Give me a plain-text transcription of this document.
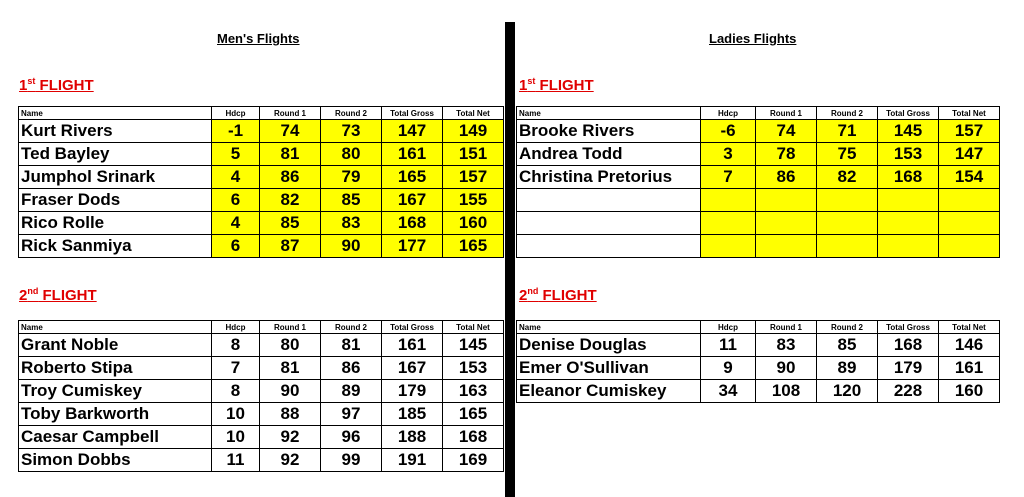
Men's Flights	Ladies Flights
1st FLIGHT
Name	Hdcp	Round 1	Round 2	Total Gross	Total Net
Kurt Rivers	-1	74	73	147	149
Ted Bayley	5	81	80	161	151
Jumphol Srinark	4	86	79	165	157
Fraser Dods	6	82	85	167	155
Rico Rolle	4	85	83	168	160
Rick Sanmiya	6	87	90	177	165
2nd FLIGHT
Name	Hdcp	Round 1	Round 2	Total Gross	Total Net
Grant Noble	8	80	81	161	145
Roberto Stipa	7	81	86	167	153
Troy Cumiskey	8	90	89	179	163
Toby Barkworth	10	88	97	185	165
Caesar Campbell	10	92	96	188	168
Simon Dobbs	11	92	99	191	169
1st FLIGHT
Name	Hdcp	Round 1	Round 2	Total Gross	Total Net
Brooke Rivers	-6	74	71	145	157
Andrea Todd	3	78	75	153	147
Christina Pretorius	7	86	82	168	154

2nd FLIGHT
Name	Hdcp	Round 1	Round 2	Total Gross	Total Net
Denise Douglas	11	83	85	168	146
Emer O'Sullivan	9	90	89	179	161
Eleanor Cumiskey	34	108	120	228	160
